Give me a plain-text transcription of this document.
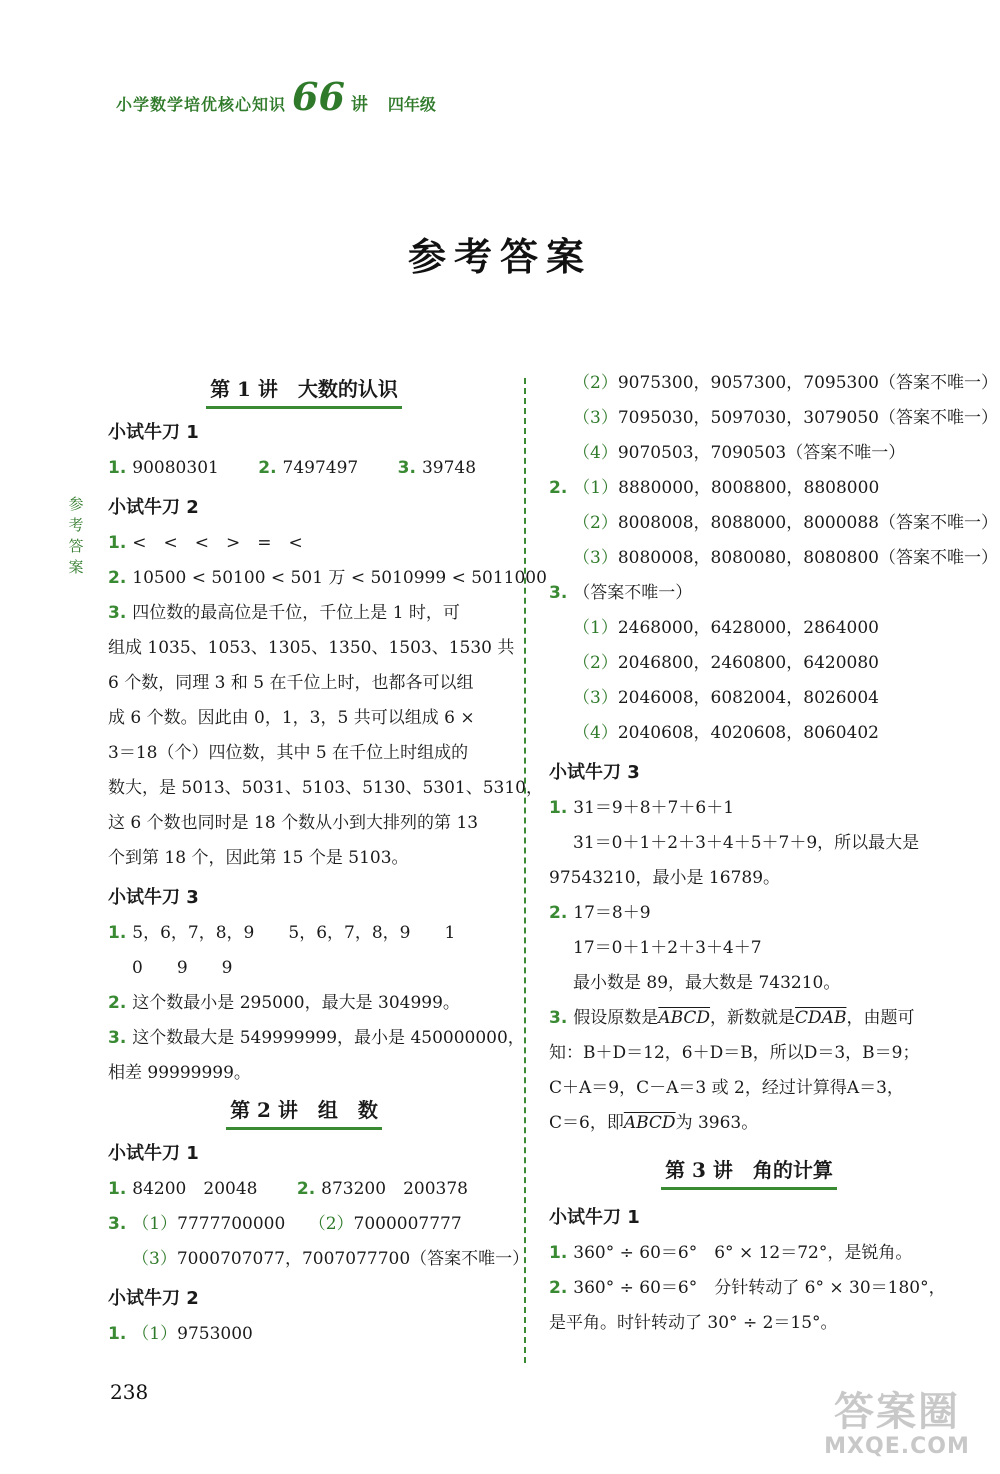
小学数学培优核心知识 66 讲 四年级
参考答案
参
考
答
案
第 1 讲　大数的认识
小试牛刀 1
1. 90080301 2. 7497497 3. 39748
小试牛刀 2
1. <　<　<　>　=　<
2. 10500 < 50100 < 501 万 < 5010999 < 5011000
3. 四位数的最高位是千位，千位上是 1 时，可
组成 1035、1053、1305、1350、1503、1530 共
6 个数，同理 3 和 5 在千位上时，也都各可以组
成 6 个数。因此由 0，1，3，5 共可以组成 6 ×
3＝18（个）四位数，其中 5 在千位上时组成的
数大，是 5013、5031、5103、5130、5301、5310，
这 6 个数也同时是 18 个数从小到大排列的第 13
个到第 18 个，因此第 15 个是 5103。
小试牛刀 3
1. 5，6，7，8，9　　5，6，7，8，9　　1
0　　9　　9
2. 这个数最小是 295000，最大是 304999。
3. 这个数最大是 549999999，最小是 450000000，
相差 99999999。
第 2 讲　组　数
小试牛刀 1
1. 84200　20048 2. 873200　200378
3. （1）7777700000 （2）7000007777
（3）7000707077，7007077700（答案不唯一）
小试牛刀 2
1. （1）9753000
（2）9075300，9057300，7095300（答案不唯一）
（3）7095030，5097030，3079050（答案不唯一）
（4）9070503，7090503（答案不唯一）
2. （1）8880000，8008800，8808000
（2）8008008，8088000，8000088（答案不唯一）
（3）8080008，8080080，8080800（答案不唯一）
3. （答案不唯一）
（1）2468000，6428000，2864000
（2）2046800，2460800，6420080
（3）2046008，6082004，8026004
（4）2040608，4020608，8060402
小试牛刀 3
1. 31＝9＋8＋7＋6＋1
31＝0＋1＋2＋3＋4＋5＋7＋9，所以最大是
97543210，最小是 16789。
2. 17＝8＋9
17＝0＋1＋2＋3＋4＋7
最小数是 89，最大数是 743210。
3. 假设原数是ABCD，新数就是CDAB，由题可
知：B＋D＝12，6＋D＝B，所以D＝3，B＝9；
C＋A＝9，C－A＝3 或 2，经过计算得A＝3，
C＝6，即ABCD为 3963。
第 3 讲　角的计算
小试牛刀 1
1. 360° ÷ 60＝6°　6° × 12＝72°，是锐角。
2. 360° ÷ 60＝6°　分针转动了 6° × 30＝180°，
是平角。时针转动了 30° ÷ 2＝15°。
238	答案圈
MXQE.COM
